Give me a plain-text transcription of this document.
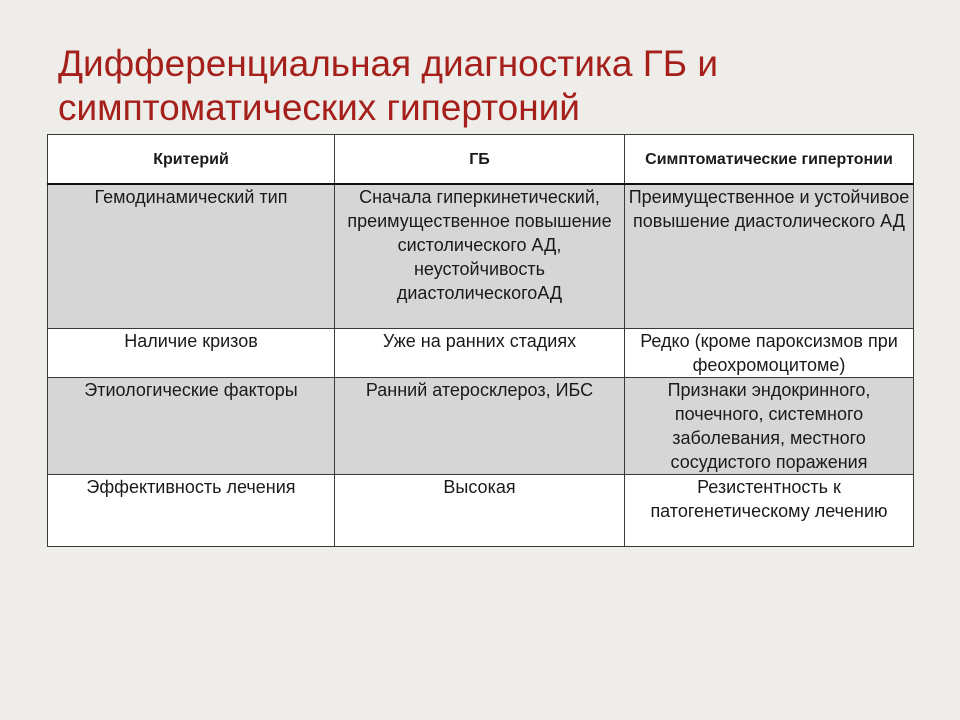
Дифференциальная диагностика ГБ и
симптоматических гипертоний
Критерий	ГБ	Симптоматические гипертонии
Гемодинамический тип	Сначала гиперкинетический, преимущественное повышение систолического АД, неустойчивость диастолическогоАД	Преимущественное и устойчивое повышение диастолического АД
Наличие кризов	Уже на ранних стадиях	Редко (кроме пароксизмов при феохромоцитоме)
Этиологические факторы	Ранний атеросклероз, ИБС	Признаки эндокринного, почечного, системного заболевания, местного сосудистого поражения
Эффективность лечения	Высокая	Резистентность к патогенетическому лечению
